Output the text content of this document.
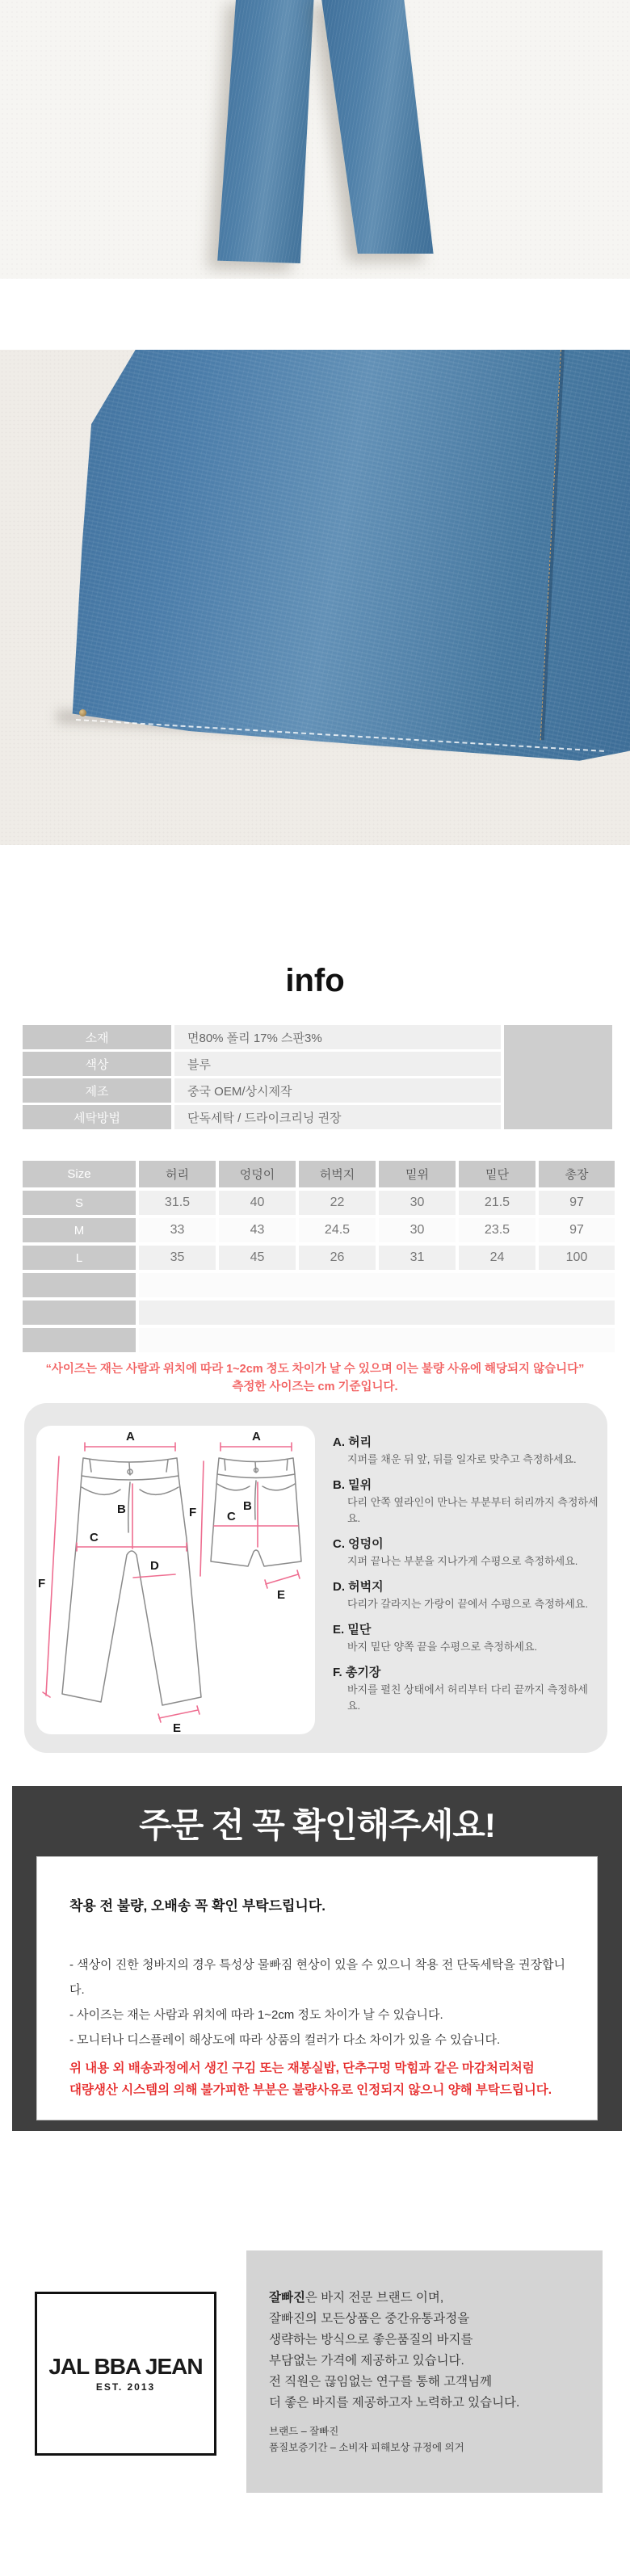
info
소재	면80% 폴리 17% 스판3%
색상	블루
제조	중국 OEM/상시제작
세탁방법	단독세탁 / 드라이크리닝 권장
Size	허리	엉덩이	허벅지	밑위	밑단	총장
S	31.5	40	22	30	21.5	97
M	33	43	24.5	30	23.5	97
L	35	45	26	31	24	100
“사이즈는 재는 사람과 위치에 따라 1~2cm 정도 차이가 날 수 있으며 이는 불량 사유에 해당되지 않습니다”
측정한 사이즈는 cm 기준입니다.
A
B
C
D
E
F
A
B
C
F
E
A. 허리
지퍼를 채운 뒤 앞, 뒤를 일자로 맞추고 측정하세요.
B. 밑위
다리 안쪽 옆라인이 만나는 부분부터 허리까지 측정하세요.
C. 엉덩이
지퍼 끝나는 부분을 지나가게 수평으로 측정하세요.
D. 허벅지
다리가 갈라지는 가랑이 끝에서 수평으로 측정하세요.
E. 밑단
바지 밑단 양쪽 끝을 수평으로 측정하세요.
F. 총기장
바지를 펼친 상태에서 허리부터 다리 끝까지 측정하세요.
주문 전 꼭 확인해주세요!
착용 전 불량, 오배송 꼭 확인 부탁드립니다.
- 색상이 진한 청바지의 경우 특성상 물빠짐 현상이 있을 수 있으니 착용 전 단독세탁을 권장합니다.
- 사이즈는 재는 사람과 위치에 따라 1~2cm 정도 차이가 날 수 있습니다.
- 모니터나 디스플레이 해상도에 따라 상품의 컬러가 다소 차이가 있을 수 있습니다.
위 내용 외 배송과정에서 생긴 구김 또는 재봉실밥, 단추구멍 막힘과 같은 마감처리처럼
대량생산 시스템의 의해 불가피한 부분은 불량사유로 인정되지 않으니 양해 부탁드립니다.
JAL BBA JEAN
EST. 2013
잘빠진은 바지 전문 브랜드 이며,
잘빠진의 모든상품은 중간유통과정을
생략하는 방식으로 좋은품질의 바지를
부담없는 가격에 제공하고 있습니다.
전 직원은 끊임없는 연구를 통해 고객님께
더 좋은 바지를 제공하고자 노력하고 있습니다.
브랜드 – 잘빠진
품질보증기간 – 소비자 피해보상 규정에 의거
